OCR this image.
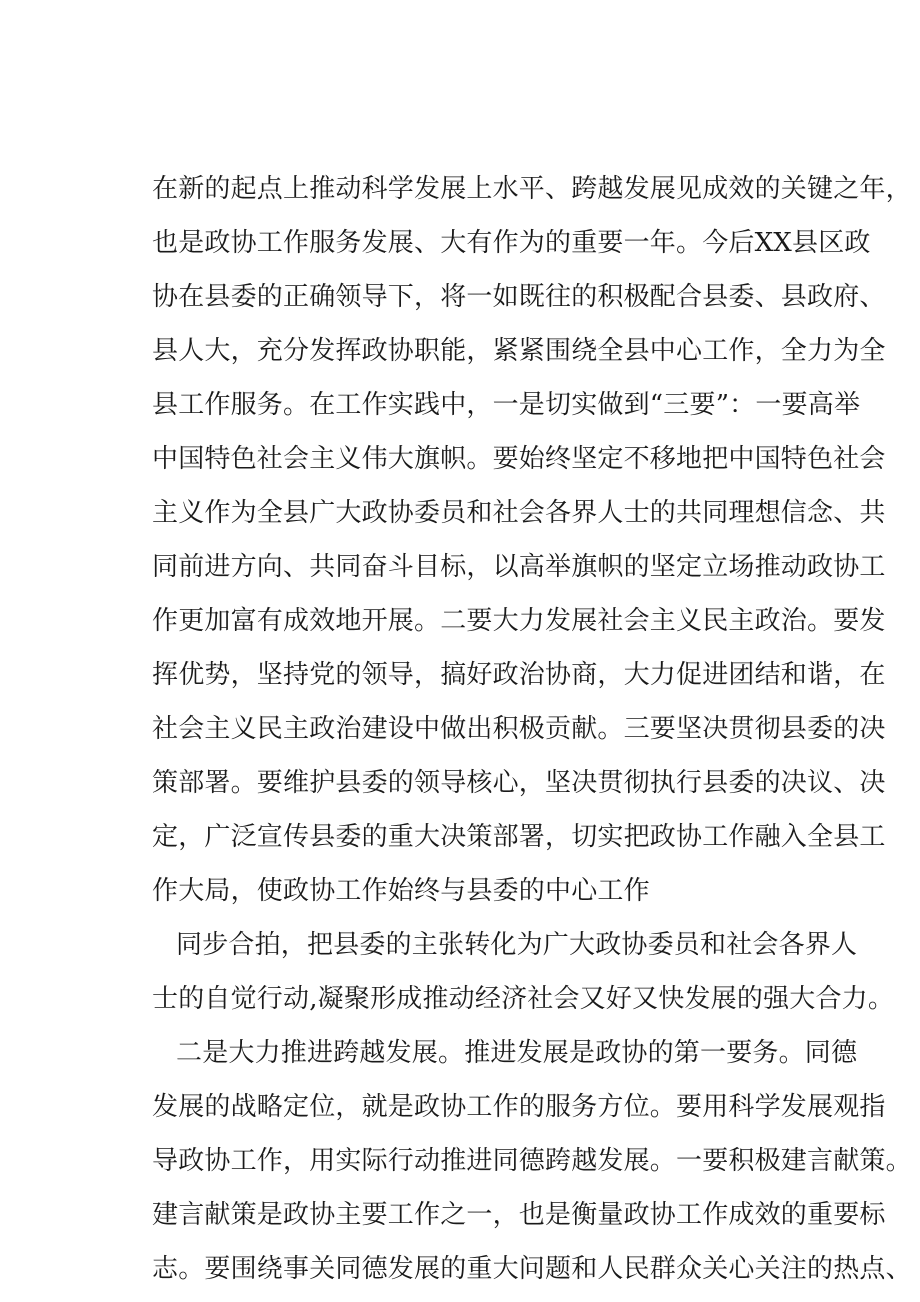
在新的起点上推动科学发展上水平、跨越发展见成效的关键之年，
也是政协工作服务发展、大有作为的重要一年。今后XX县区政
协在县委的正确领导下，将一如既往的积极配合县委、县政府、
县人大，充分发挥政协职能，紧紧围绕全县中心工作，全力为全
县工作服务。在工作实践中，一是切实做到“三要”：一要高举
中国特色社会主义伟大旗帜。要始终坚定不移地把中国特色社会
主义作为全县广大政协委员和社会各界人士的共同理想信念、共
同前进方向、共同奋斗目标，以高举旗帜的坚定立场推动政协工
作更加富有成效地开展。二要大力发展社会主义民主政治。要发
挥优势，坚持党的领导，搞好政治协商，大力促进团结和谐，在
社会主义民主政治建设中做出积极贡献。三要坚决贯彻县委的决
策部署。要维护县委的领导核心，坚决贯彻执行县委的决议、决
定，广泛宣传县委的重大决策部署，切实把政协工作融入全县工
作大局，使政协工作始终与县委的中心工作
同步合拍，把县委的主张转化为广大政协委员和社会各界人
士的自觉行动,凝聚形成推动经济社会又好又快发展的强大合力。
二是大力推进跨越发展。推进发展是政协的第一要务。同德
发展的战略定位，就是政协工作的服务方位。要用科学发展观指
导政协工作，用实际行动推进同德跨越发展。一要积极建言献策。
建言献策是政协主要工作之一，也是衡量政协工作成效的重要标
志。要围绕事关同德发展的重大问题和人民群众关心关注的热点、
